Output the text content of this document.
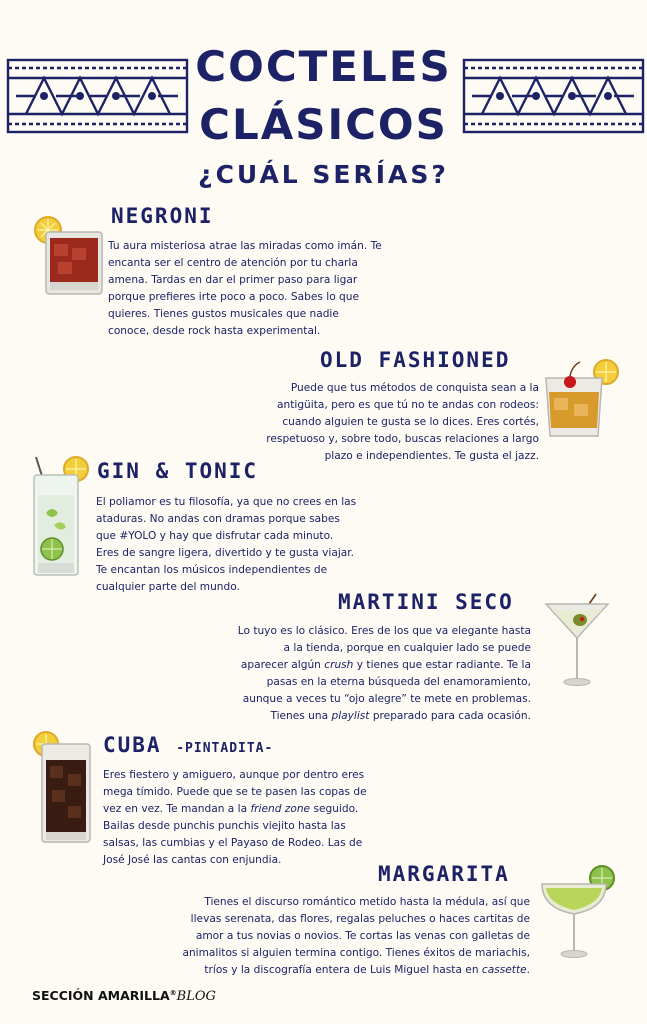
COCTELES
CLÁSICOS
¿CUÁL SERÍAS?
NEGRONI
Tu aura misteriosa atrae las miradas como imán. Te
encanta ser el centro de atención por tu charla
amena. Tardas en dar el primer paso para ligar
porque prefieres irte poco a poco. Sabes lo que
quieres. Tienes gustos musicales que nadie
conoce, desde rock hasta experimental.
OLD FASHIONED
Puede que tus métodos de conquista sean a la
antigüita, pero es que tú no te andas con rodeos:
cuando alguien te gusta se lo dices. Eres cortés,
respetuoso y, sobre todo, buscas relaciones a largo
plazo e independientes. Te gusta el jazz.
GIN & TONIC
El poliamor es tu filosofía, ya que no crees en las
ataduras. No andas con dramas porque sabes
que #YOLO y hay que disfrutar cada minuto.
Eres de sangre ligera, divertido y te gusta viajar.
Te encantan los músicos independientes de
cualquier parte del mundo.
MARTINI SECO
Lo tuyo es lo clásico. Eres de los que va elegante hasta
a la tienda, porque en cualquier lado se puede
aparecer algún crush y tienes que estar radiante. Te la
pasas en la eterna búsqueda del enamoramiento,
aunque a veces tu “ojo alegre” te mete en problemas.
Tienes una playlist preparado para cada ocasión.
CUBA -PINTADITA-
Eres fiestero y amiguero, aunque por dentro eres
mega tímido. Puede que se te pasen las copas de
vez en vez. Te mandan a la friend zone seguido.
Bailas desde punchis punchis viejito hasta las
salsas, las cumbias y el Payaso de Rodeo. Las de
José José las cantas con enjundia.
MARGARITA
Tienes el discurso romántico metido hasta la médula, así que
llevas serenata, das flores, regalas peluches o haces cartitas de
amor a tus novias o novios. Te cortas las venas con galletas de
animalitos si alguien termina contigo. Tienes éxitos de mariachis,
tríos y la discografía entera de Luis Miguel hasta en cassette.
SECCIÓN AMARILLA®BLOG
